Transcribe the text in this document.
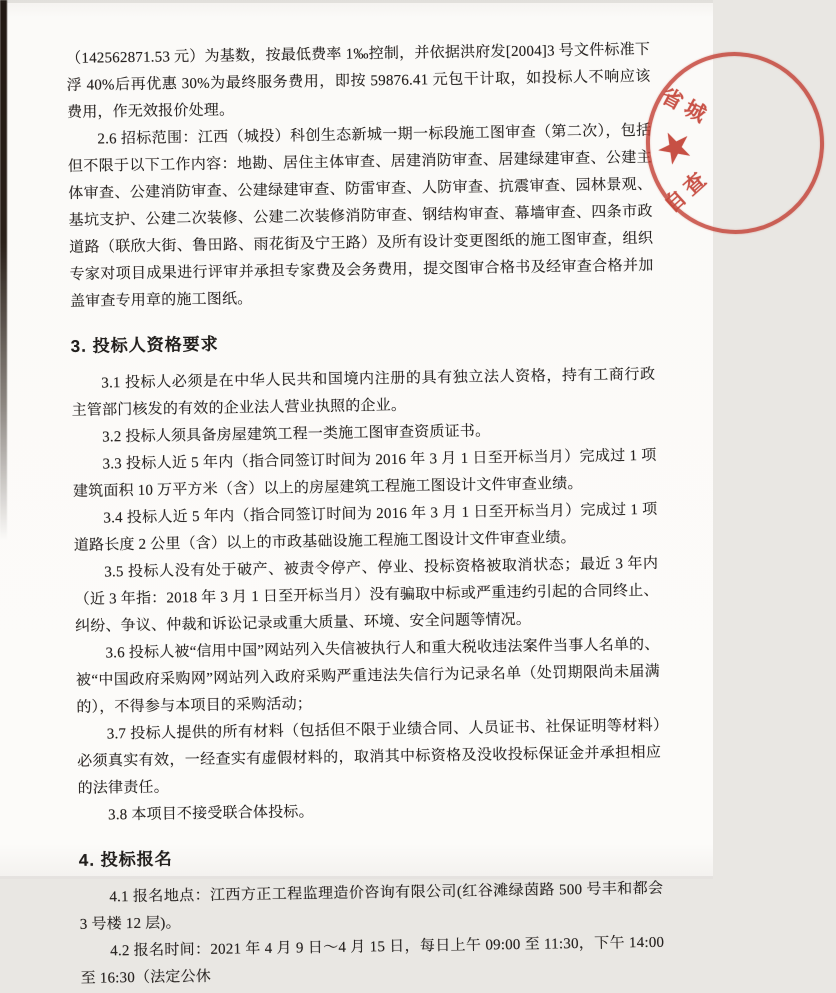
（142562871.53 元）为基数，按最低费率 1‰控制，并依据洪府发[2004]3 号文件标准下浮 40%后再优惠 30%为最终服务费用，即按 59876.41 元包干计取，如投标人不响应该费用，作无效报价处理。

2.6 招标范围：江西（城投）科创生态新城一期一标段施工图审查（第二次），包括但不限于以下工作内容：地勘、居住主体审查、居建消防审查、居建绿建审查、公建主体审查、公建消防审查、公建绿建审查、防雷审查、人防审查、抗震审查、园林景观、基坑支护、公建二次装修、公建二次装修消防审查、钢结构审查、幕墙审查、四条市政道路（联欣大街、鲁田路、雨花街及宁王路）及所有设计变更图纸的施工图审查，组织专家对项目成果进行评审并承担专家费及会务费用，提交图审合格书及经审查合格并加盖审查专用章的施工图纸。

3. 投标人资格要求

3.1 投标人必须是在中华人民共和国境内注册的具有独立法人资格，持有工商行政主管部门核发的有效的企业法人营业执照的企业。

3.2 投标人须具备房屋建筑工程一类施工图审查资质证书。

3.3 投标人近 5 年内（指合同签订时间为 2016 年 3 月 1 日至开标当月）完成过 1 项建筑面积 10 万平方米（含）以上的房屋建筑工程施工图设计文件审查业绩。

3.4 投标人近 5 年内（指合同签订时间为 2016 年 3 月 1 日至开标当月）完成过 1 项道路长度 2 公里（含）以上的市政基础设施工程施工图设计文件审查业绩。

3.5 投标人没有处于破产、被责令停产、停业、投标资格被取消状态；最近 3 年内（近 3 年指：2018 年 3 月 1 日至开标当月）没有骗取中标或严重违约引起的合同终止、纠纷、争议、仲裁和诉讼记录或重大质量、环境、安全问题等情况。

3.6 投标人被“信用中国”网站列入失信被执行人和重大税收违法案件当事人名单的、被“中国政府采购网”网站列入政府采购严重违法失信行为记录名单（处罚期限尚未届满的），不得参与本项目的采购活动；

3.7 投标人提供的所有材料（包括但不限于业绩合同、人员证书、社保证明等材料）必须真实有效，一经查实有虚假材料的，取消其中标资格及没收投标保证金并承担相应的法律责任。

3.8 本项目不接受联合体投标。

4. 投标报名

4.1 报名地点：江西方正工程监理造价咨询有限公司(红谷滩绿茵路 500 号丰和都会 3 号楼 12 层)。

4.2 报名时间：2021 年 4 月 9 日～4 月 15 日，每日上午 09:00 至 11:30，下午 14:00 至 16:30（法定公休

★
省城
自查
